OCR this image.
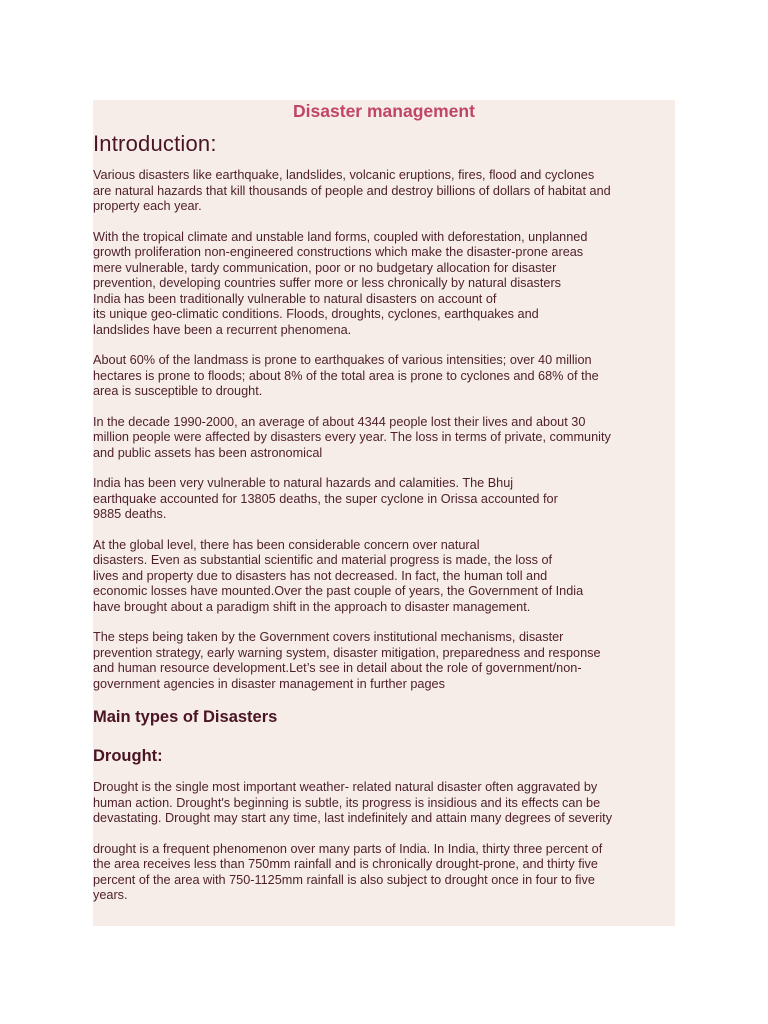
Disaster management
Introduction:

Various disasters like earthquake, landslides, volcanic eruptions, fires, flood and cyclones
are natural hazards that kill thousands of people and destroy billions of dollars of habitat and
property each year.

With the tropical climate and unstable land forms, coupled with deforestation, unplanned
growth proliferation non-engineered constructions which make the disaster-prone areas
mere vulnerable, tardy communication, poor or no budgetary allocation for disaster
prevention, developing countries suffer more or less chronically by natural disasters
India has been traditionally vulnerable to natural disasters on account of
its unique geo-climatic conditions. Floods, droughts, cyclones, earthquakes and
landslides have been a recurrent phenomena.

About 60% of the landmass is prone to earthquakes of various intensities; over 40 million
hectares is prone to floods; about 8% of the total area is prone to cyclones and 68% of the
area is susceptible to drought.

In the decade 1990-2000, an average of about 4344 people lost their lives and about 30
million people were affected by disasters every year. The loss in terms of private, community
and public assets has been astronomical

India has been very vulnerable to natural hazards and calamities. The Bhuj
earthquake accounted for 13805 deaths, the super cyclone in Orissa accounted for
9885 deaths.

At the global level, there has been considerable concern over natural
disasters. Even as substantial scientific and material progress is made, the loss of
lives and property due to disasters has not decreased. In fact, the human toll and
economic losses have mounted.Over the past couple of years, the Government of India
have brought about a paradigm shift in the approach to disaster management.

The steps being taken by the Government covers institutional mechanisms, disaster
prevention strategy, early warning system, disaster mitigation, preparedness and response
and human resource development.Let’s see in detail about the role of government/non-
government agencies in disaster management in further pages

Main types of Disasters
Drought:

Drought is the single most important weather- related natural disaster often aggravated by
human action. Drought's beginning is subtle, its progress is insidious and its effects can be
devastating. Drought may start any time, last indefinitely and attain many degrees of severity

drought is a frequent phenomenon over many parts of India. In India, thirty three percent of
the area receives less than 750mm rainfall and is chronically drought-prone, and thirty five
percent of the area with 750-1125mm rainfall is also subject to drought once in four to five
years.
